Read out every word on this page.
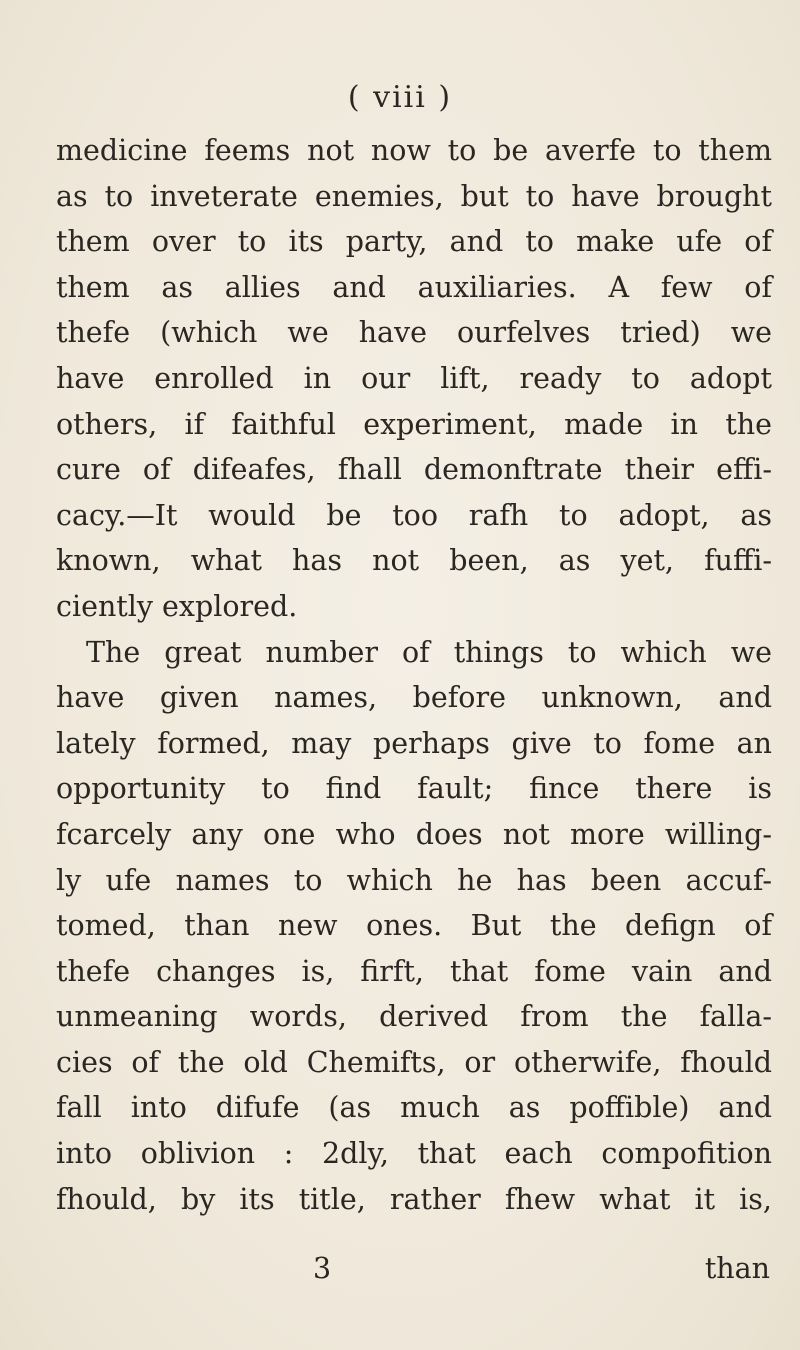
( viii )
medicine feems not now to be averfe to them
as to inveterate enemies, but to have brought
them over to its party, and to make ufe of
them as allies and auxiliaries. A few of
thefe (which we have ourfelves tried) we
have enrolled in our lift, ready to adopt
others, if faithful experiment, made in the
cure of difeafes, fhall demonftrate their effi-
cacy.—It would be too rafh to adopt, as
known, what has not been, as yet, fuffi-
ciently explored.
The great number of things to which we
have given names, before unknown, and
lately formed, may perhaps give to fome an
opportunity to find fault; fince there is
fcarcely any one who does not more willing-
ly ufe names to which he has been accuf-
tomed, than new ones. But the defign of
thefe changes is, firft, that fome vain and
unmeaning words, derived from the falla-
cies of the old Chemifts, or otherwife, fhould
fall into difufe (as much as poffible) and
into oblivion : 2dly, that each compofition
fhould, by its title, rather fhew what it is,
3	than
